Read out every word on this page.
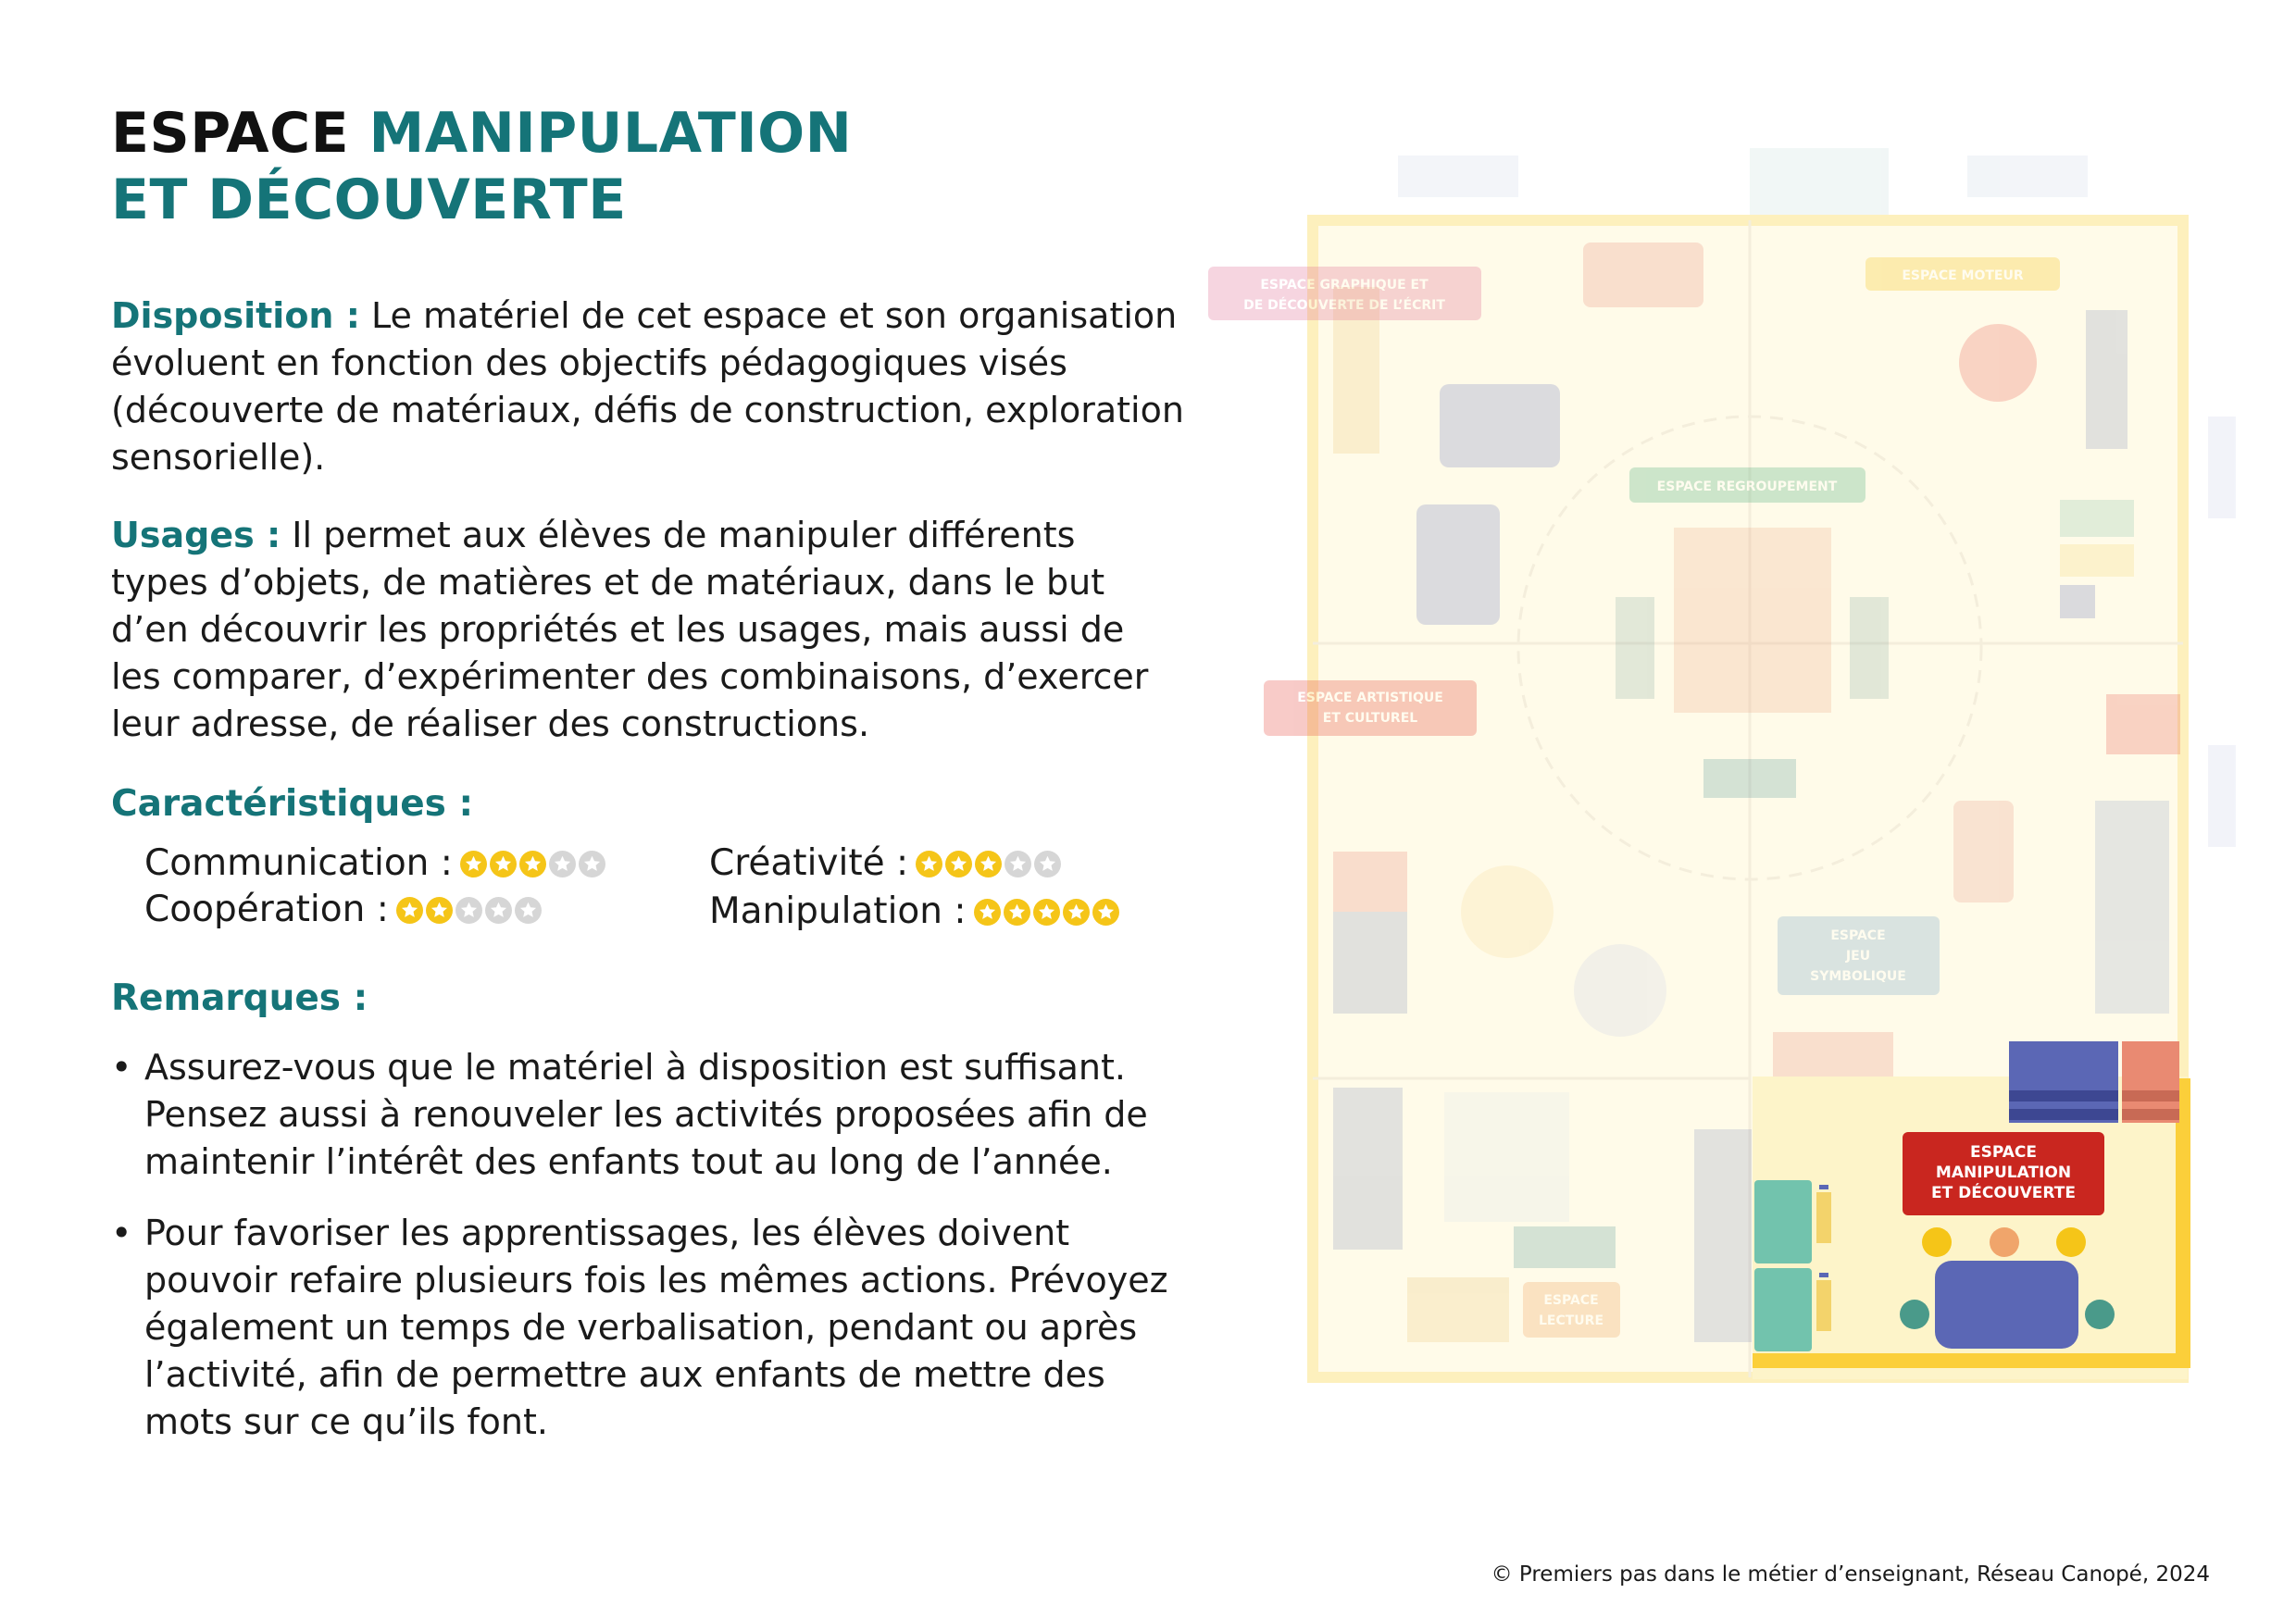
ESPACE MANIPULATION
ET DÉCOUVERTE
Disposition : Le matériel de cet espace et son organisation évoluent en fonction des objectifs pédagogiques visés (découverte de matériaux, défis de construction, exploration sensorielle).
Usages : Il permet aux élèves de manipuler différents types d’objets, de matières et de matériaux, dans le but d’en découvrir les propriétés et les usages, mais aussi de les comparer, d’expérimenter des combinaisons, d’exercer leur adresse, de réaliser des constructions.
Caractéristiques :
Communication :	Créativité :
Coopération :	Manipulation :
Remarques :
• Assurez-vous que le matériel à disposition est suffisant. Pensez aussi à renouveler les activités proposées afin de maintenir l’intérêt des enfants tout au long de l’année.
• Pour favoriser les apprentissages, les élèves doivent pouvoir refaire plusieurs fois les mêmes actions. Prévoyez également un temps de verbalisation, pendant ou après l’activité, afin de permettre aux enfants de mettre des mots sur ce qu’ils font.
ESPACE GRAPHIQUE ET
DE DÉCOUVERTE DE L’ÉCRIT
ESPACE MOTEUR
ESPACE REGROUPEMENT
ESPACE ARTISTIQUE
ET CULTUREL
ESPACE
JEU
SYMBOLIQUE
ESPACE
LECTURE
ESPACE
MANIPULATION
ET DÉCOUVERTE
© Premiers pas dans le métier d’enseignant, Réseau Canopé, 2024
